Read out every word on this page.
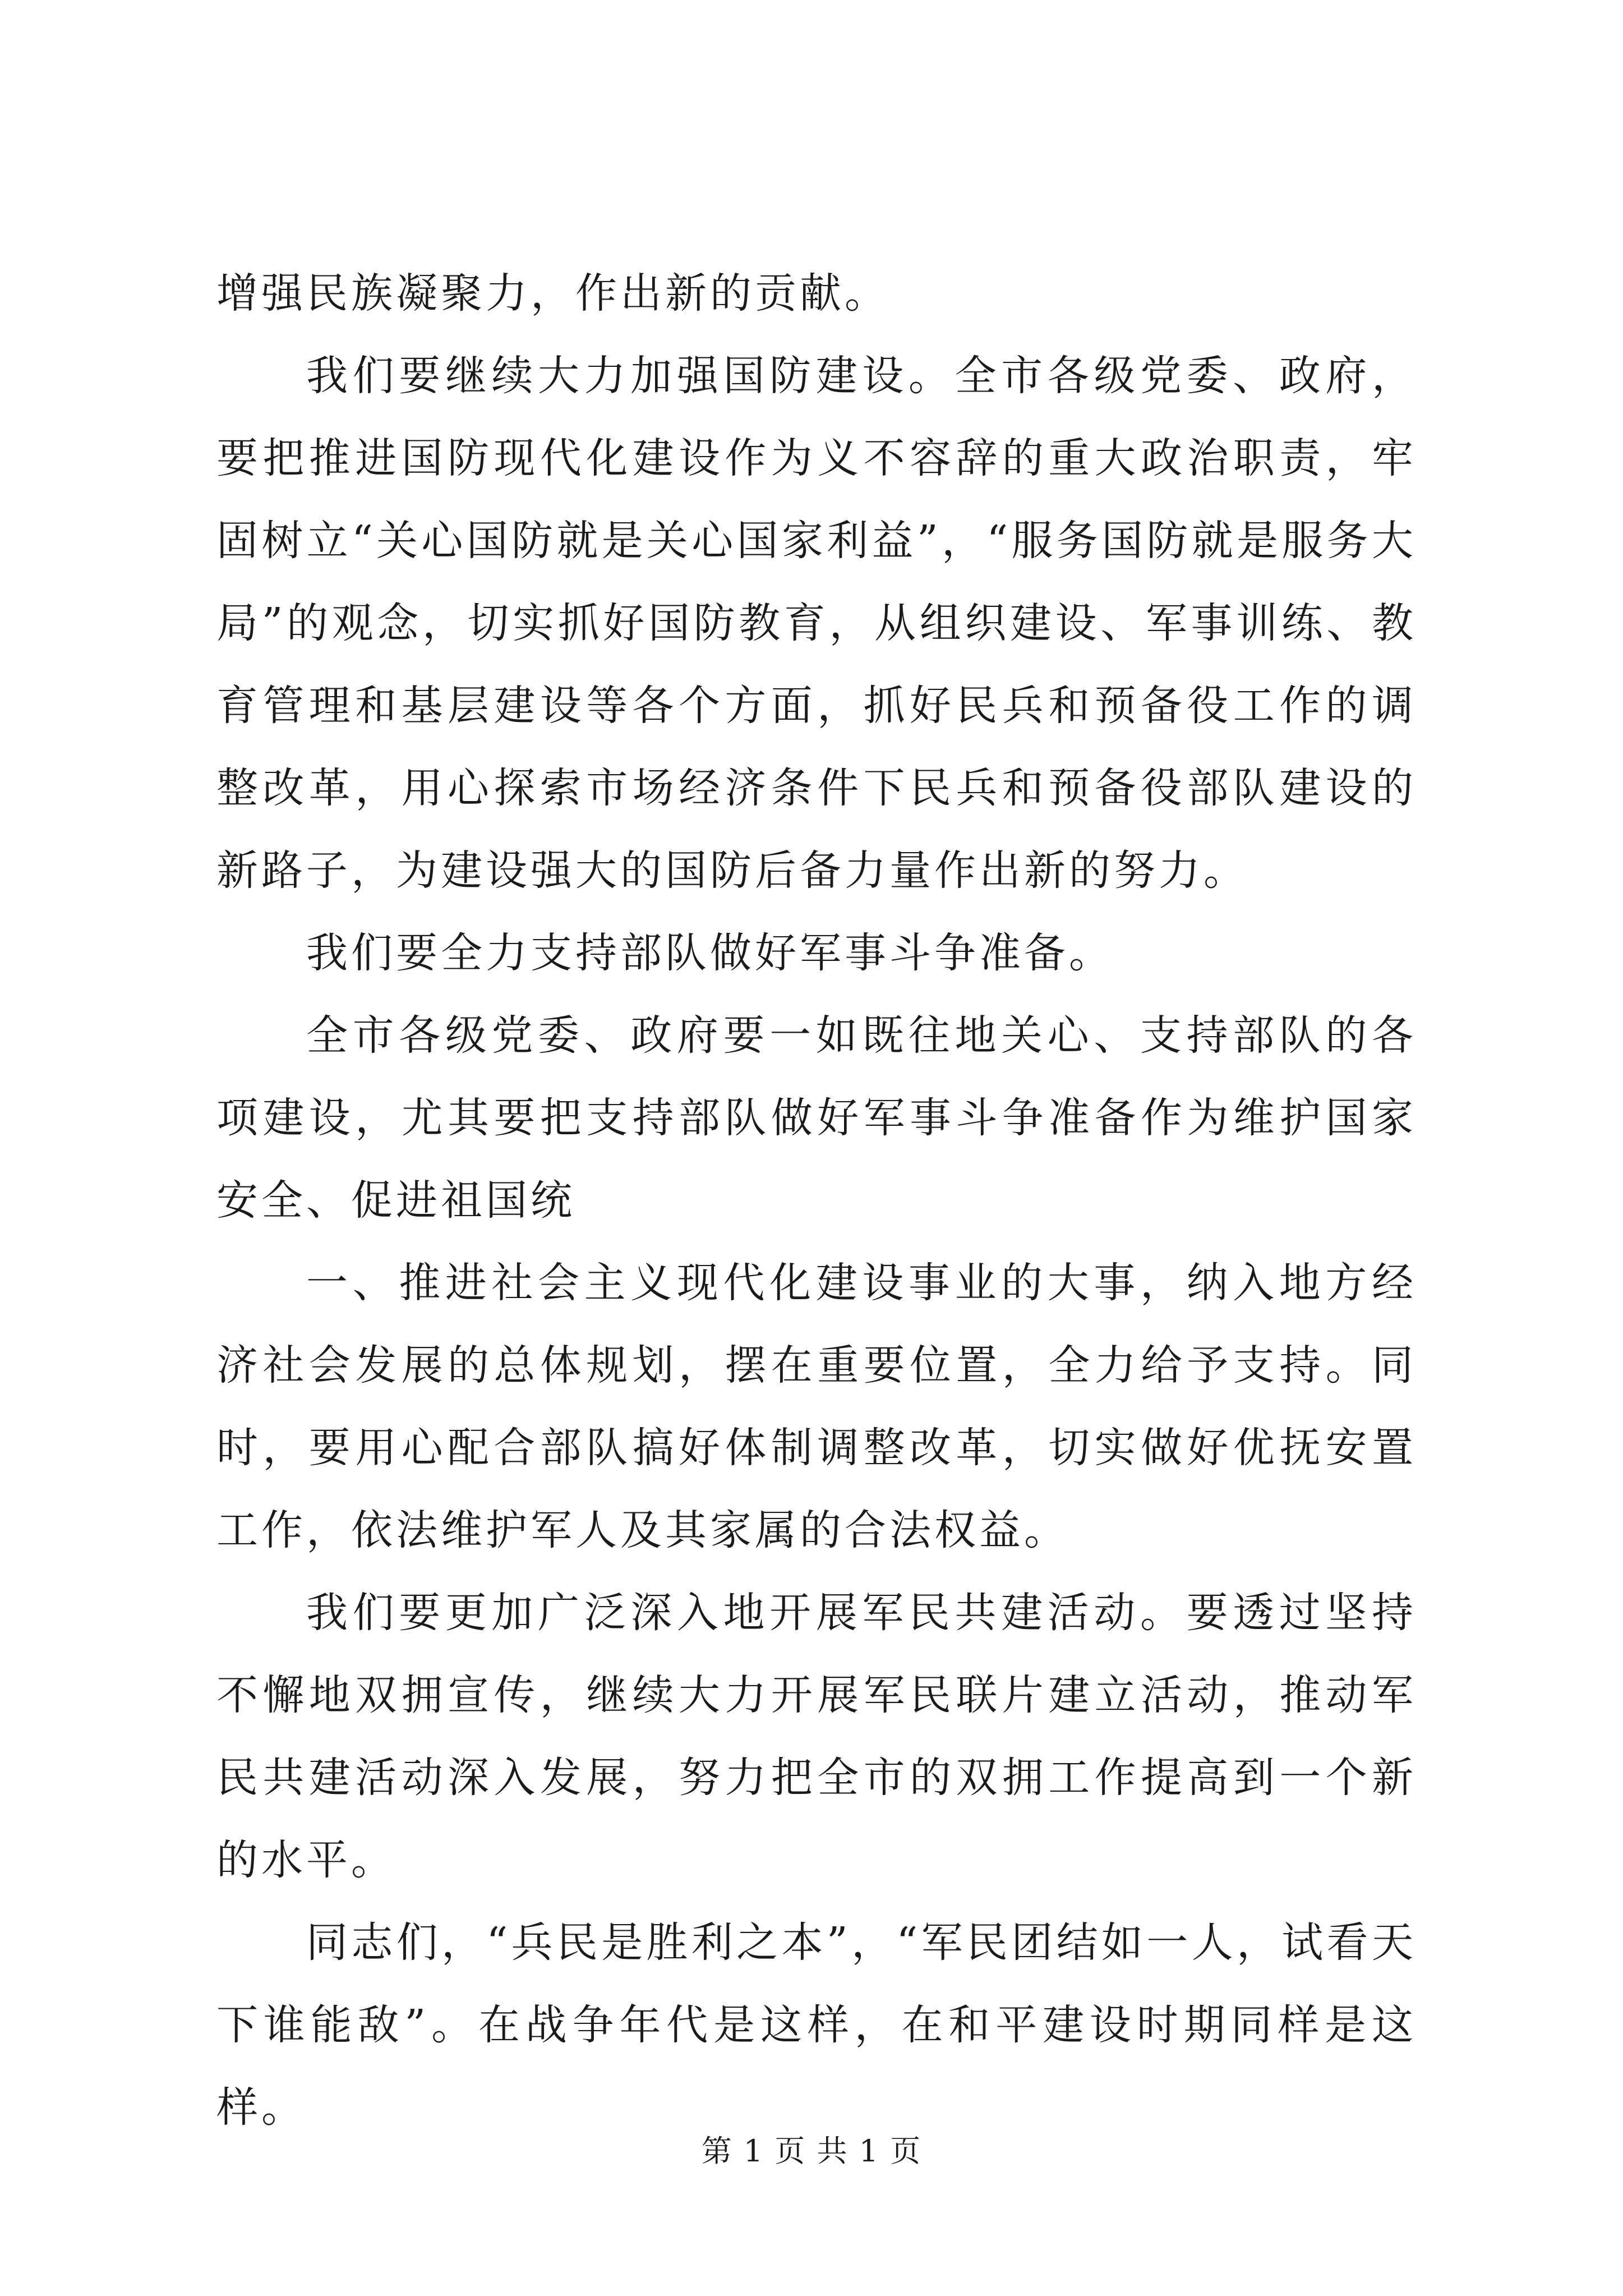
增强民族凝聚力，作出新的贡献。

我们要继续大力加强国防建设。全市各级党委、政府，要把推进国防现代化建设作为义不容辞的重大政治职责，牢固树立“关心国防就是关心国家利益”，“服务国防就是服务大局”的观念，切实抓好国防教育，从组织建设、军事训练、教育管理和基层建设等各个方面，抓好民兵和预备役工作的调整改革，用心探索市场经济条件下民兵和预备役部队建设的新路子，为建设强大的国防后备力量作出新的努力。

我们要全力支持部队做好军事斗争准备。

全市各级党委、政府要一如既往地关心、支持部队的各项建设，尤其要把支持部队做好军事斗争准备作为维护国家安全、促进祖国统

一、推进社会主义现代化建设事业的大事，纳入地方经济社会发展的总体规划，摆在重要位置，全力给予支持。同时，要用心配合部队搞好体制调整改革，切实做好优抚安置工作，依法维护军人及其家属的合法权益。

我们要更加广泛深入地开展军民共建活动。要透过坚持不懈地双拥宣传，继续大力开展军民联片建立活动，推动军民共建活动深入发展，努力把全市的双拥工作提高到一个新的水平。

同志们，“兵民是胜利之本”，“军民团结如一人，试看天下谁能敌”。在战争年代是这样，在和平建设时期同样是这样。

第 1 页 共 1 页
